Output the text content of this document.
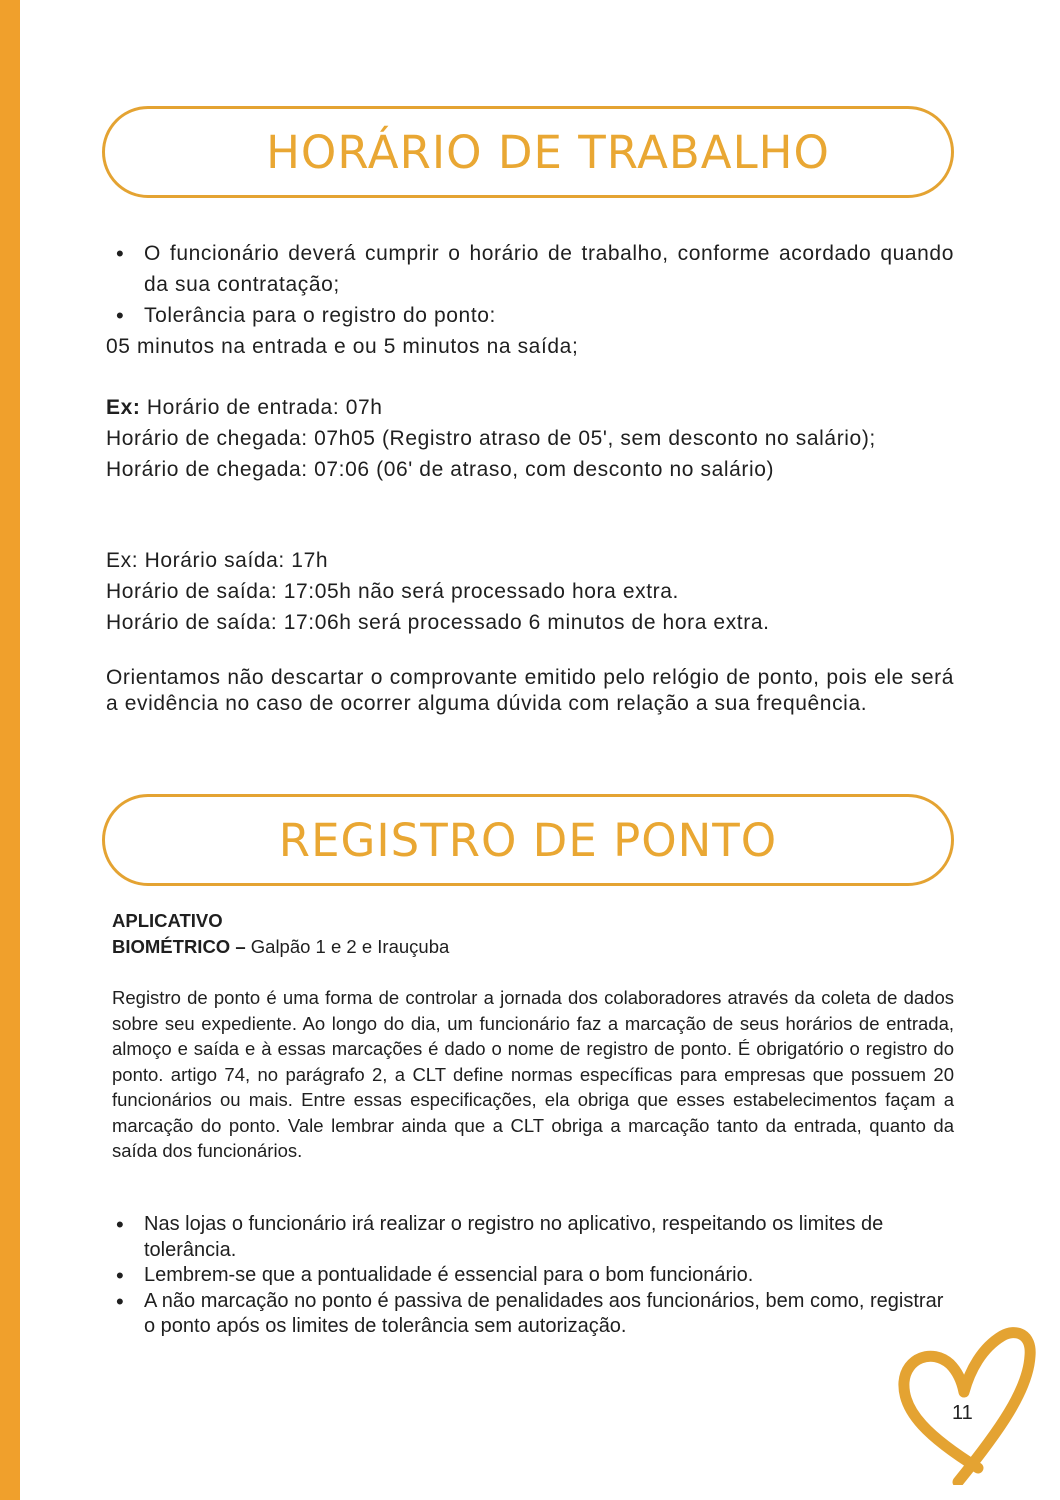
HORÁRIO DE TRABALHO
• O funcionário deverá cumprir o horário de trabalho, conforme acordado quando da sua contratação;
• Tolerância para o registro do ponto:

05 minutos na entrada e ou 5 minutos na saída;

Ex: Horário de entrada: 07h

Horário de chegada: 07h05 (Registro atraso de 05', sem desconto no salário);

Horário de chegada: 07:06 (06' de atraso, com desconto no salário)

Ex: Horário saída: 17h

Horário de saída: 17:05h não será processado hora extra.

Horário de saída: 17:06h será processado 6 minutos de hora extra.

Orientamos não descartar o comprovante emitido pelo relógio de ponto, pois ele será a evidência no caso de ocorrer alguma dúvida com relação a sua frequência.

REGISTRO DE PONTO

APLICATIVO

BIOMÉTRICO – Galpão 1 e 2 e Irauçuba

Registro de ponto é uma forma de controlar a jornada dos colaboradores através da coleta de dados sobre seu expediente. Ao longo do dia, um funcionário faz a marcação de seus horários de entrada, almoço e saída e à essas marcações é dado o nome de registro de ponto. É obrigatório o registro do ponto. artigo 74, no parágrafo 2, a CLT define normas específicas para empresas que possuem 20 funcionários ou mais. Entre essas especificações, ela obriga que esses estabelecimentos façam a marcação do ponto. Vale lembrar ainda que a CLT obriga a marcação tanto da entrada, quanto da saída dos funcionários.

• Nas lojas o funcionário irá realizar o registro no aplicativo, respeitando os limites de tolerância.
• Lembrem-se que a pontualidade é essencial para o bom funcionário.
• A não marcação no ponto é passiva de penalidades aos funcionários, bem como, registrar o ponto após os limites de tolerância sem autorização.
11
